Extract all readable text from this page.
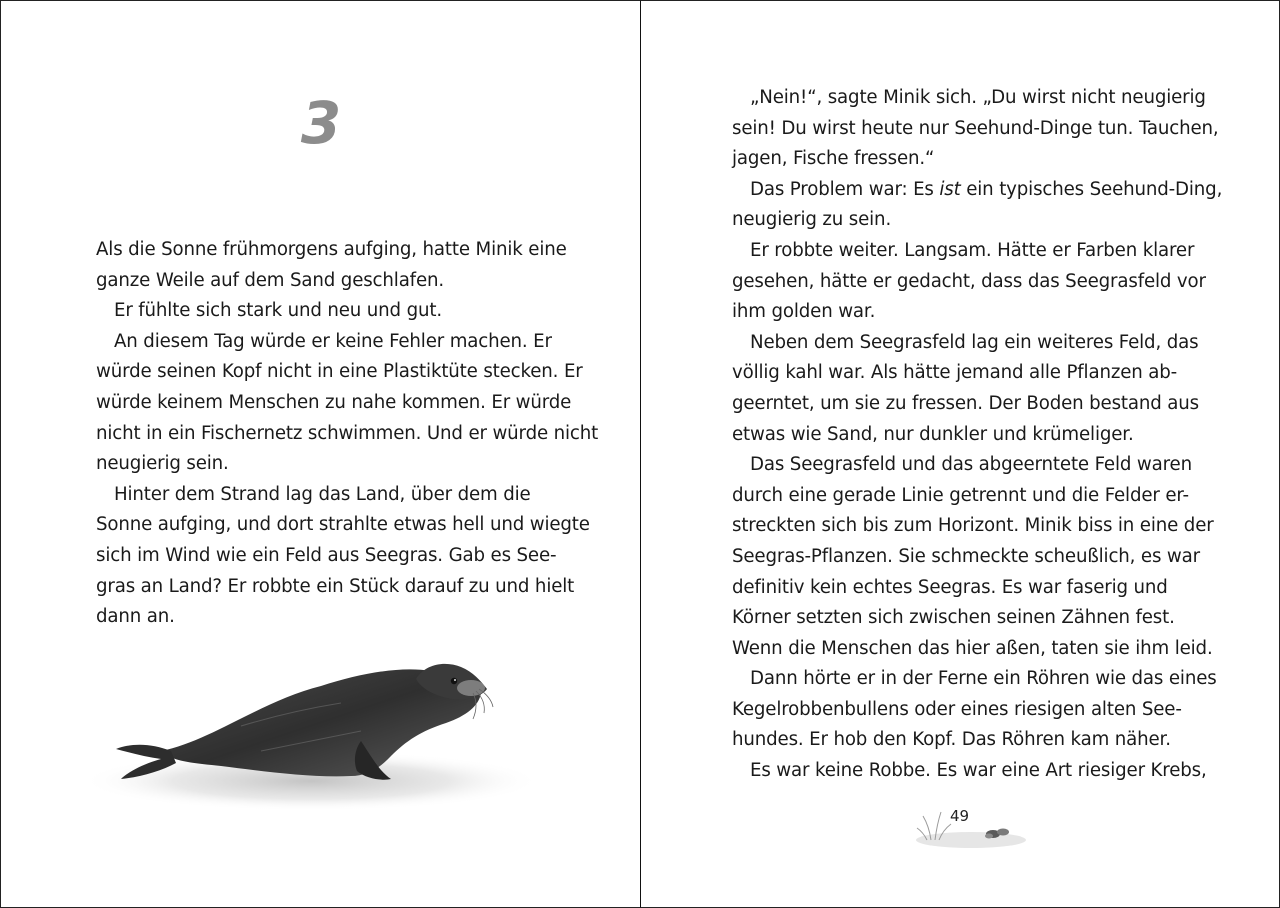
3
Als die Sonne frühmorgens aufging, hatte Minik eine
ganze Weile auf dem Sand geschlafen.
Er fühlte sich stark und neu und gut.
An diesem Tag würde er keine Fehler machen. Er
würde seinen Kopf nicht in eine Plastiktüte stecken. Er
würde keinem Menschen zu nahe kommen. Er würde
nicht in ein Fischernetz schwimmen. Und er würde nicht
neugierig sein.
Hinter dem Strand lag das Land, über dem die
Sonne aufging, und dort strahlte etwas hell und wiegte
sich im Wind wie ein Feld aus Seegras. Gab es See-
gras an Land? Er robbte ein Stück darauf zu und hielt
dann an.
„Nein!“, sagte Minik sich. „Du wirst nicht neugierig
sein! Du wirst heute nur Seehund-Dinge tun. Tauchen,
jagen, Fische fressen.“
Das Problem war: Es ist ein typisches Seehund-Ding,
neugierig zu sein.
Er robbte weiter. Langsam. Hätte er Farben klarer
gesehen, hätte er gedacht, dass das Seegrasfeld vor
ihm golden war.
Neben dem Seegrasfeld lag ein weiteres Feld, das
völlig kahl war. Als hätte jemand alle Pflanzen ab-
geerntet, um sie zu fressen. Der Boden bestand aus
etwas wie Sand, nur dunkler und krümeliger.
Das Seegrasfeld und das abgeerntete Feld waren
durch eine gerade Linie getrennt und die Felder er-
streckten sich bis zum Horizont. Minik biss in eine der
Seegras-Pflanzen. Sie schmeckte scheußlich, es war
definitiv kein echtes Seegras. Es war faserig und
Körner setzten sich zwischen seinen Zähnen fest.
Wenn die Menschen das hier aßen, taten sie ihm leid.
Dann hörte er in der Ferne ein Röhren wie das eines
Kegelrobbenbullens oder eines riesigen alten See-
hundes. Er hob den Kopf. Das Röhren kam näher.
Es war keine Robbe. Es war eine Art riesiger Krebs,
49
